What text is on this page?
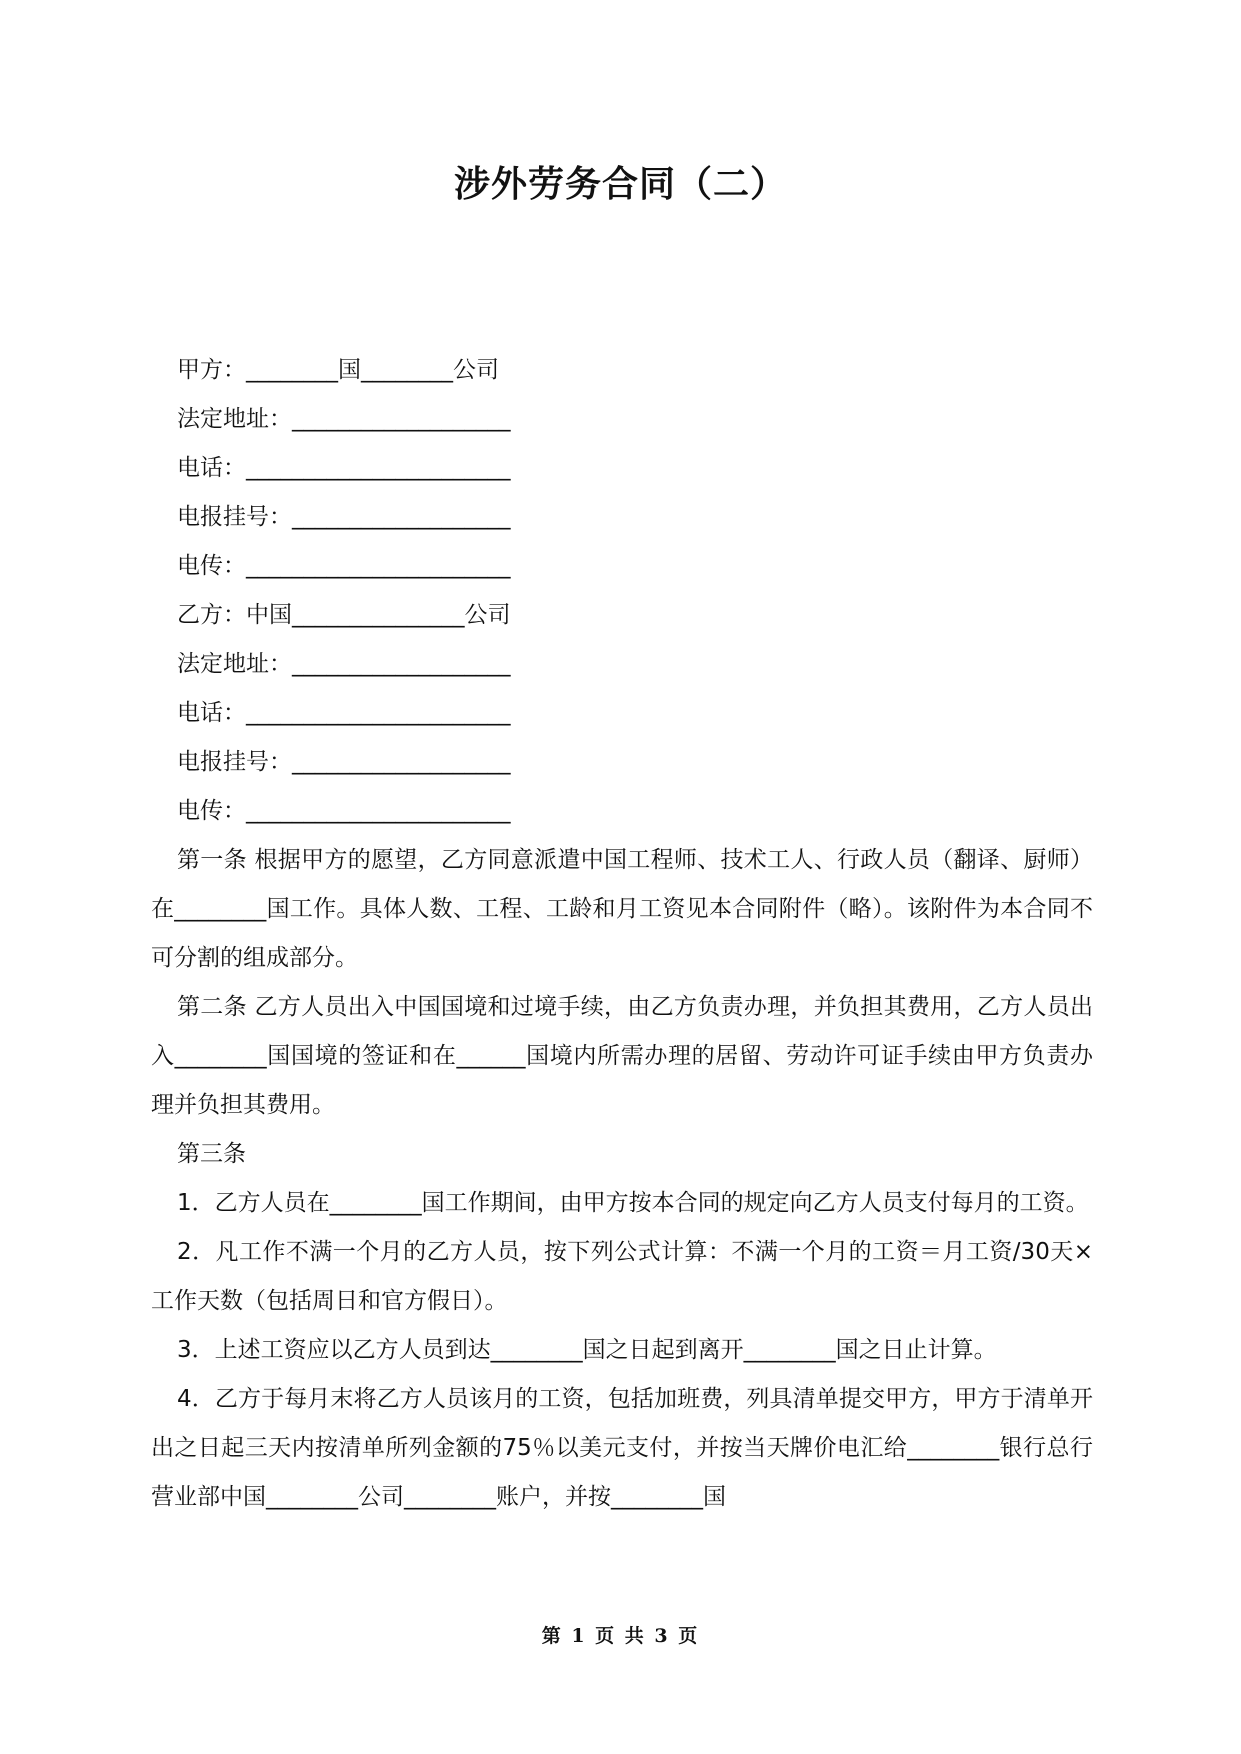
涉外劳务合同（二）

甲方：________国________公司

法定地址：___________________

电话：_______________________

电报挂号：___________________

电传：_______________________

乙方：中国_______________公司

法定地址：___________________

电话：_______________________

电报挂号：___________________

电传：_______________________

第一条 根据甲方的愿望，乙方同意派遣中国工程师、技术工人、行政人员（翻译、厨师）在________国工作。具体人数、工程、工龄和月工资见本合同附件（略）。该附件为本合同不可分割的组成部分。

第二条 乙方人员出入中国国境和过境手续，由乙方负责办理，并负担其费用，乙方人员出入________国国境的签证和在______国境内所需办理的居留、劳动许可证手续由甲方负责办理并负担其费用。

第三条

1．乙方人员在________国工作期间，由甲方按本合同的规定向乙方人员支付每月的工资。

2．凡工作不满一个月的乙方人员，按下列公式计算：不满一个月的工资＝月工资/30天×工作天数（包括周日和官方假日）。

3．上述工资应以乙方人员到达________国之日起到离开________国之日止计算。

4．乙方于每月末将乙方人员该月的工资，包括加班费，列具清单提交甲方，甲方于清单开出之日起三天内按清单所列金额的75％以美元支付，并按当天牌价电汇给________银行总行营业部中国________公司________账户，并按________国

第 1 页 共 3 页
